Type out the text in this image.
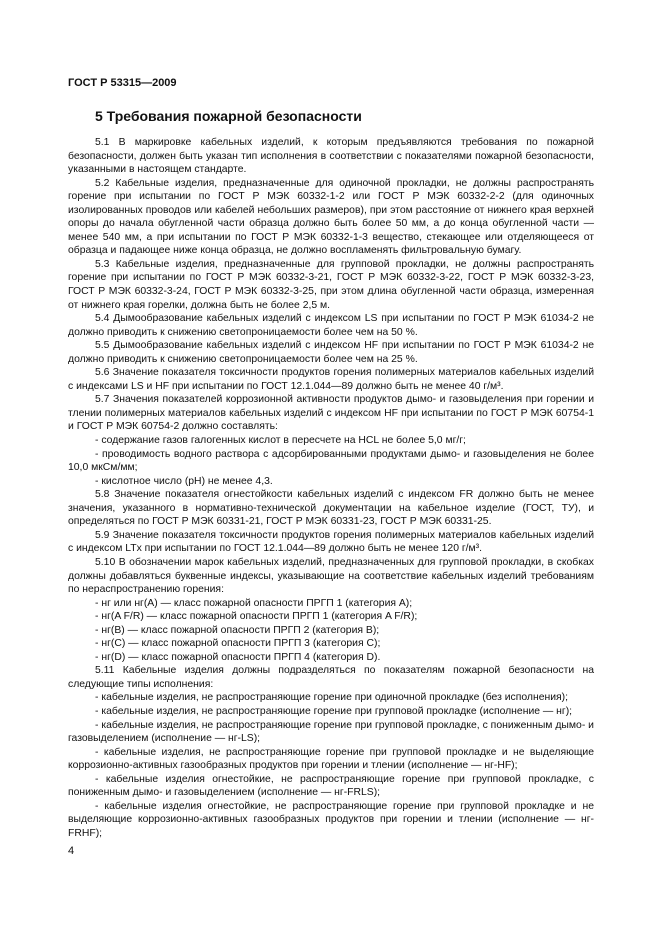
ГОСТ Р 53315—2009
5 Требования пожарной безопасности

5.1 В маркировке кабельных изделий, к которым предъявляются требования по пожарной безопасности, должен быть указан тип исполнения в соответствии с показателями пожарной безопасности, указанными в настоящем стандарте.

5.2 Кабельные изделия, предназначенные для одиночной прокладки, не должны распространять горение при испытании по ГОСТ Р МЭК 60332-1-2 или ГОСТ Р МЭК 60332-2-2 (для одиночных изолированных проводов или кабелей небольших размеров), при этом расстояние от нижнего края верхней опоры до начала обугленной части образца должно быть более 50 мм, а до конца обугленной части — менее 540 мм, а при испытании по ГОСТ Р МЭК 60332-1-3 вещество, стекающее или отделяющееся от образца и падающее ниже конца образца, не должно воспламенять фильтровальную бумагу.

5.3 Кабельные изделия, предназначенные для групповой прокладки, не должны распространять горение при испытании по ГОСТ Р МЭК 60332-3-21, ГОСТ Р МЭК 60332-3-22, ГОСТ Р МЭК 60332-3-23, ГОСТ Р МЭК 60332-3-24, ГОСТ Р МЭК 60332-3-25, при этом длина обугленной части образца, измеренная от нижнего края горелки, должна быть не более 2,5 м.

5.4 Дымообразование кабельных изделий с индексом LS при испытании по ГОСТ Р МЭК 61034-2 не должно приводить к снижению светопроницаемости более чем на 50 %.

5.5 Дымообразование кабельных изделий с индексом HF при испытании по ГОСТ Р МЭК 61034-2 не должно приводить к снижению светопроницаемости более чем на 25 %.

5.6 Значение показателя токсичности продуктов горения полимерных материалов кабельных изделий с индексами LS и HF при испытании по ГОСТ 12.1.044—89 должно быть не менее 40 г/м³.

5.7 Значения показателей коррозионной активности продуктов дымо- и газовыделения при горении и тлении полимерных материалов кабельных изделий с индексом HF при испытании по ГОСТ Р МЭК 60754-1 и ГОСТ Р МЭК 60754-2 должно составлять:

- содержание газов галогенных кислот в пересчете на HCL не более 5,0 мг/г;

- проводимость водного раствора с адсорбированными продуктами дымо- и газовыделения не более 10,0 мкСм/мм;

- кислотное число (pH) не менее 4,3.

5.8 Значение показателя огнестойкости кабельных изделий с индексом FR должно быть не менее значения, указанного в нормативно-технической документации на кабельное изделие (ГОСТ, ТУ), и определяться по ГОСТ Р МЭК 60331-21, ГОСТ Р МЭК 60331-23, ГОСТ Р МЭК 60331-25.

5.9 Значение показателя токсичности продуктов горения полимерных материалов кабельных изделий с индексом LTx при испытании по ГОСТ 12.1.044—89 должно быть не менее 120 г/м³.

5.10 В обозначении марок кабельных изделий, предназначенных для групповой прокладки, в скобках должны добавляться буквенные индексы, указывающие на соответствие кабельных изделий требованиям по нераспространению горения:

- нг или нг(A) — класс пожарной опасности ПРГП 1 (категория A);

- нг(A F/R) — класс пожарной опасности ПРГП 1 (категория A F/R);

- нг(B) — класс пожарной опасности ПРГП 2 (категория B);

- нг(C) — класс пожарной опасности ПРГП 3 (категория C);

- нг(D) — класс пожарной опасности ПРГП 4 (категория D).

5.11 Кабельные изделия должны подразделяться по показателям пожарной безопасности на следующие типы исполнения:

- кабельные изделия, не распространяющие горение при одиночной прокладке (без исполнения);

- кабельные изделия, не распространяющие горение при групповой прокладке (исполнение — нг);

- кабельные изделия, не распространяющие горение при групповой прокладке, с пониженным дымо- и газовыделением (исполнение — нг-LS);

- кабельные изделия, не распространяющие горение при групповой прокладке и не выделяющие коррозионно-активных газообразных продуктов при горении и тлении (исполнение — нг-HF);

- кабельные изделия огнестойкие, не распространяющие горение при групповой прокладке, с пониженным дымо- и газовыделением (исполнение — нг-FRLS);

- кабельные изделия огнестойкие, не распространяющие горение при групповой прокладке и не выделяющие коррозионно-активных газообразных продуктов при горении и тлении (исполнение — нг-FRHF);

4
